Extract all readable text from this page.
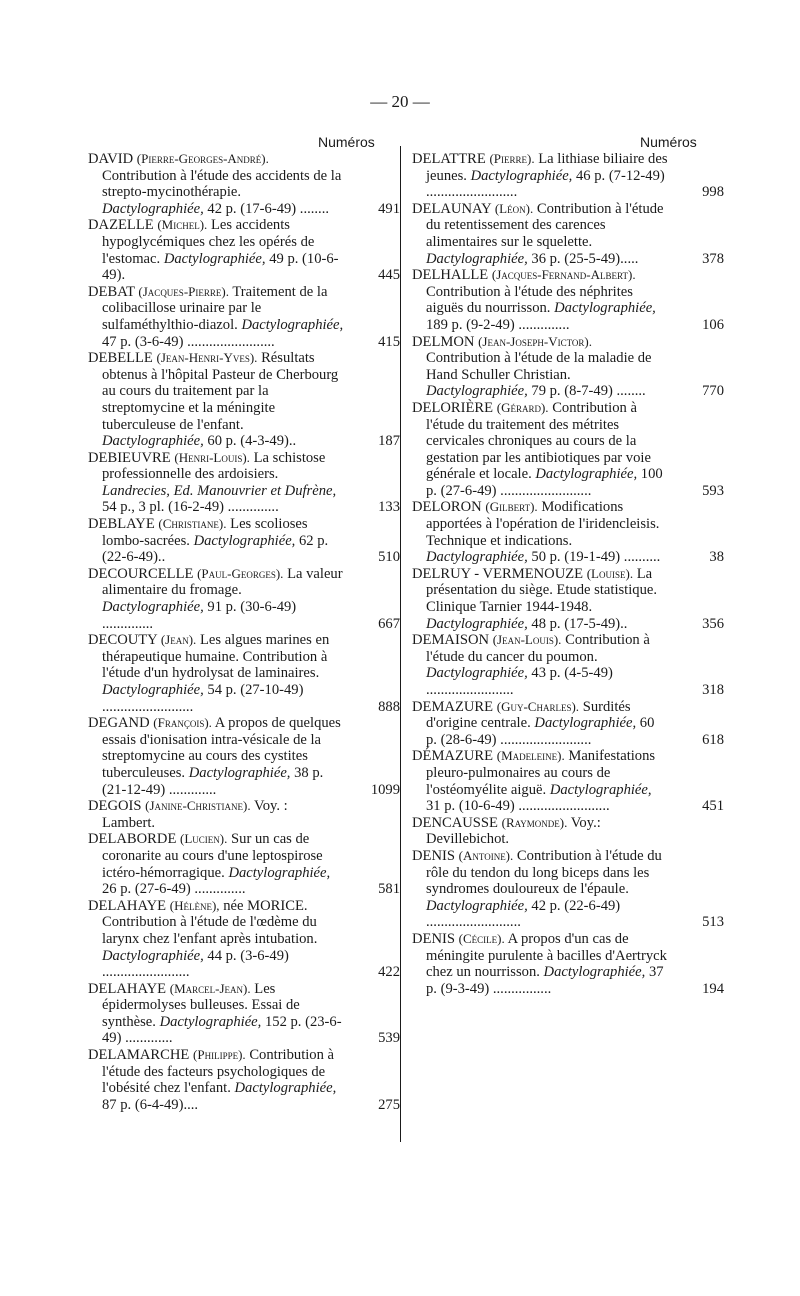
— 20 —
Numéros	Numéros
DAVID (Pierre-Georges-André). Contribution à l'étude des accidents de la strepto-mycinothérapie. Dactylographiée, 42 p. (17-6-49) ........	491
DAZELLE (Michel). Les accidents hypoglycémiques chez les opérés de l'estomac. Dactylographiée, 49 p. (10-6-49).	445
DEBAT (Jacques-Pierre). Traitement de la colibacillose urinaire par le sulfaméthylthio-diazol. Dactylographiée, 47 p. (3-6-49) ........................	415
DEBELLE (Jean-Henri-Yves). Résultats obtenus à l'hôpital Pasteur de Cherbourg au cours du traitement par la streptomycine et la méningite tuberculeuse de l'enfant. Dactylographiée, 60 p. (4-3-49)..	187
DEBIEUVRE (Henri-Louis). La schistose professionnelle des ardoisiers. Landrecies, Ed. Manouvrier et Dufrène, 54 p., 3 pl. (16-2-49) ..............	133
DEBLAYE (Christiane). Les scolioses lombo-sacrées. Dactylographiée, 62 p. (22-6-49)..	510
DECOURCELLE (Paul-Georges). La valeur alimentaire du fromage. Dactylographiée, 91 p. (30-6-49) ..............	667
DECOUTY (Jean). Les algues marines en thérapeutique humaine. Contribution à l'étude d'un hydrolysat de laminaires. Dactylographiée, 54 p. (27-10-49) .........................	888
DEGAND (François). A propos de quelques essais d'ionisation intra-vésicale de la streptomycine au cours des cystites tuberculeuses. Dactylographiée, 38 p. (21-12-49) .............	1099
DEGOIS (Janine-Christiane). Voy. : Lambert.
DELABORDE (Lucien). Sur un cas de coronarite au cours d'une leptospirose ictéro-hémorragique. Dactylographiée, 26 p. (27-6-49) ..............	581
DELAHAYE (Hélène), née MORICE. Contribution à l'étude de l'œdème du larynx chez l'enfant après intubation. Dactylographiée, 44 p. (3-6-49) ........................	422
DELAHAYE (Marcel-Jean). Les épidermolyses bulleuses. Essai de synthèse. Dactylographiée, 152 p. (23-6-49) .............	539
DELAMARCHE (Philippe). Contribution à l'étude des facteurs psychologiques de l'obésité chez l'enfant. Dactylographiée, 87 p. (6-4-49)....	275
DELATTRE (Pierre). La lithiase biliaire des jeunes. Dactylographiée, 46 p. (7-12-49) .........................	998
DELAUNAY (Léon). Contribution à l'étude du retentissement des carences alimentaires sur le squelette. Dactylographiée, 36 p. (25-5-49).....	378
DELHALLE (Jacques-Fernand-Albert). Contribution à l'étude des néphrites aiguës du nourrisson. Dactylographiée, 189 p. (9-2-49) ..............	106
DELMON (Jean-Joseph-Victor). Contribution à l'étude de la maladie de Hand Schuller Christian. Dactylographiée, 79 p. (8-7-49) ........	770
DELORIÈRE (Gérard). Contribution à l'étude du traitement des métrites cervicales chroniques au cours de la gestation par les antibiotiques par voie générale et locale. Dactylographiée, 100 p. (27-6-49) .........................	593
DELORON (Gilbert). Modifications apportées à l'opération de l'iridencleisis. Technique et indications. Dactylographiée, 50 p. (19-1-49) ..........	38
DELRUY - VERMENOUZE (Louise). La présentation du siège. Etude statistique. Clinique Tarnier 1944-1948. Dactylographiée, 48 p. (17-5-49)..	356
DEMAISON (Jean-Louis). Contribution à l'étude du cancer du poumon. Dactylographiée, 43 p. (4-5-49) ........................	318
DEMAZURE (Guy-Charles). Surdités d'origine centrale. Dactylographiée, 60 p. (28-6-49) .........................	618
DÉMAZURE (Madeleine). Manifestations pleuro-pulmonaires au cours de l'ostéomyélite aiguë. Dactylographiée, 31 p. (10-6-49) .........................	451
DENCAUSSE (Raymonde). Voy.: Devillebichot.
DENIS (Antoine). Contribution à l'étude du rôle du tendon du long biceps dans les syndromes douloureux de l'épaule. Dactylographiée, 42 p. (22-6-49) ..........................	513
DENIS (Cécile). A propos d'un cas de méningite purulente à bacilles d'Aertryck chez un nourrisson. Dactylographiée, 37 p. (9-3-49) ................	194
